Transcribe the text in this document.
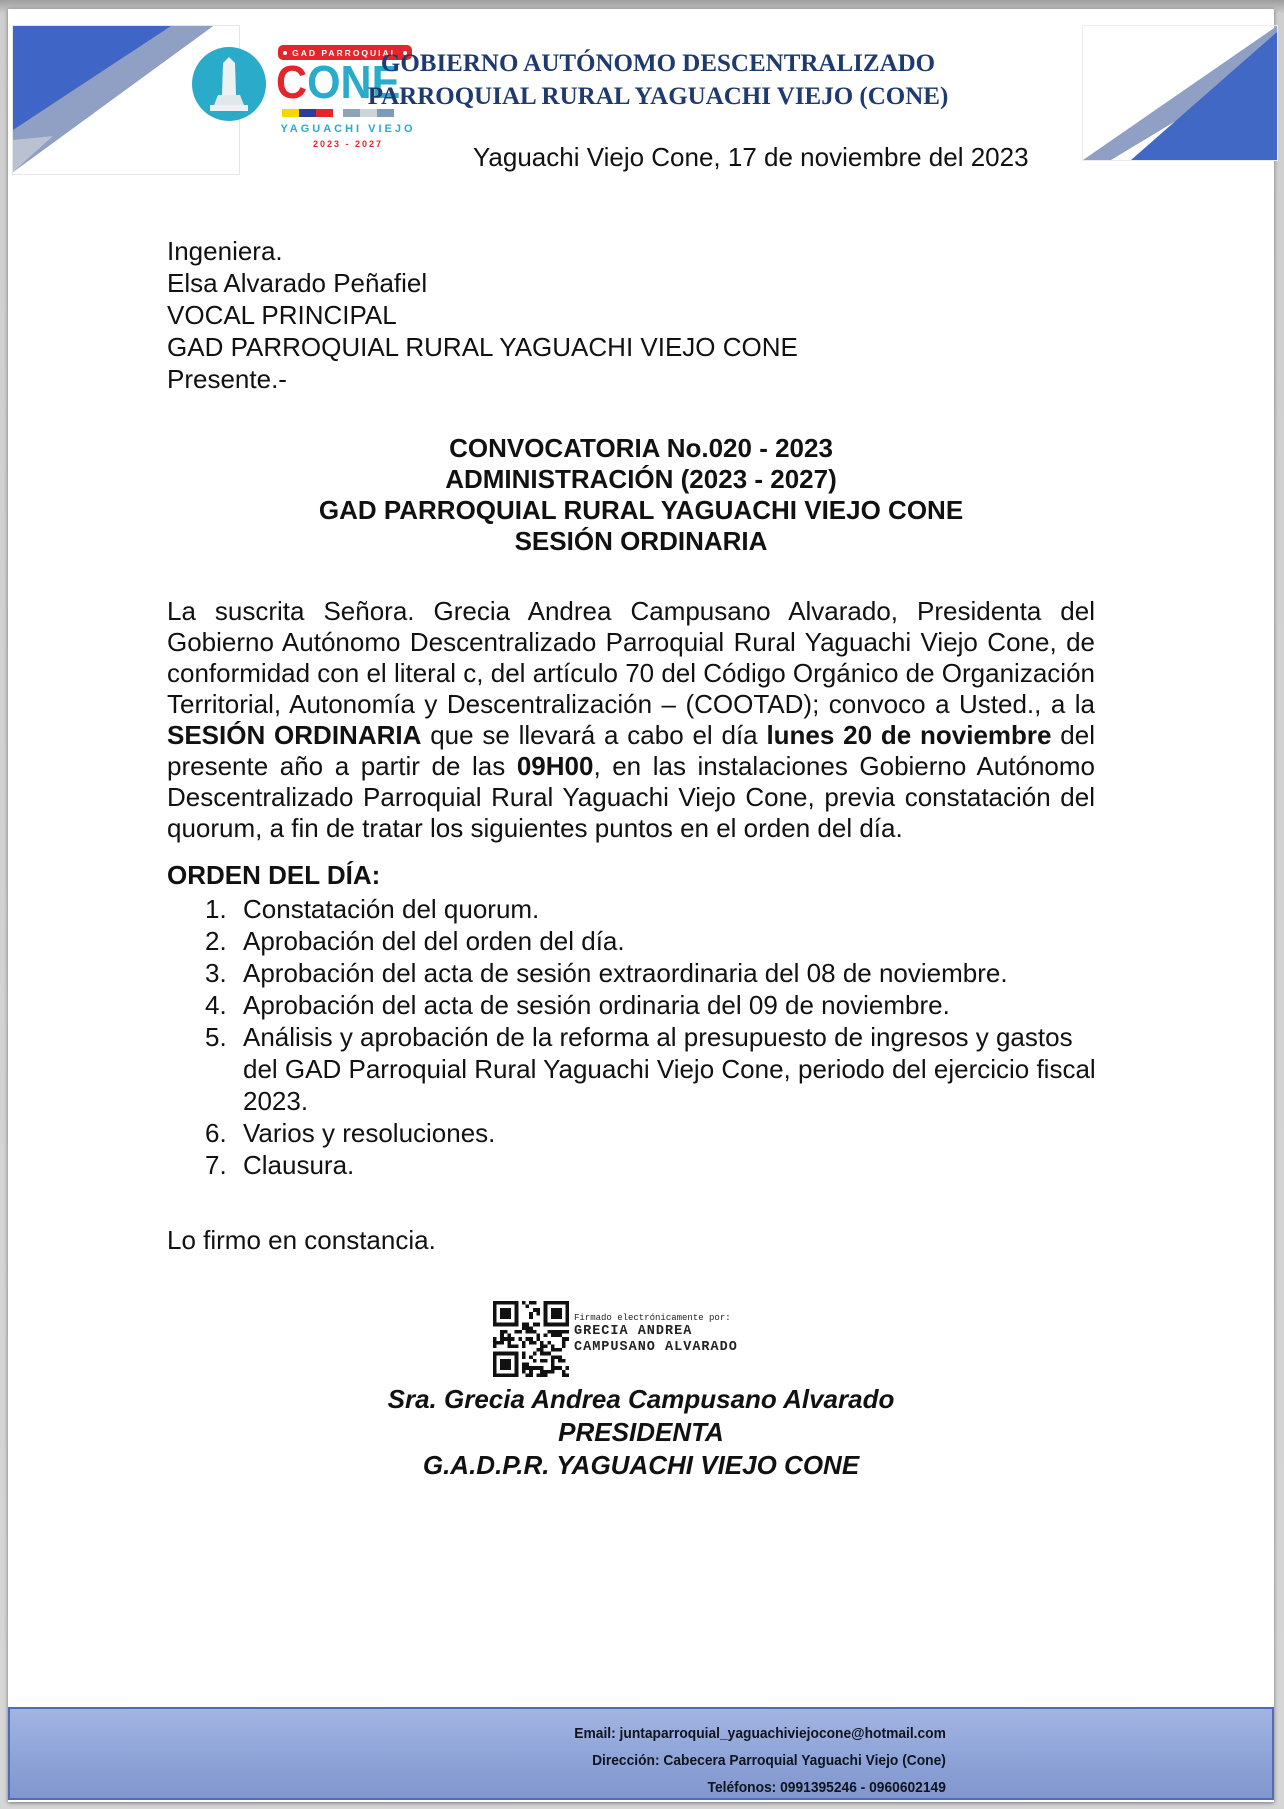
GAD PARROQUIAL
CONE
YAGUACHI VIEJO
2023 - 2027
GOBIERNO AUTÓNOMO DESCENTRALIZADO
PARROQUIAL RURAL YAGUACHI VIEJO (CONE)
Yaguachi Viejo Cone, 17 de noviembre del 2023
Ingeniera.
Elsa Alvarado Peñafiel
VOCAL PRINCIPAL
GAD PARROQUIAL RURAL YAGUACHI VIEJO CONE
Presente.-
CONVOCATORIA No.020 - 2023
ADMINISTRACIÓN (2023 - 2027)
GAD PARROQUIAL RURAL YAGUACHI VIEJO CONE
SESIÓN ORDINARIA
La suscrita Señora. Grecia Andrea Campusano Alvarado, Presidenta del Gobierno Autónomo Descentralizado Parroquial Rural Yaguachi Viejo Cone, de conformidad con el literal c, del artículo 70 del Código Orgánico de Organización Territorial, Autonomía y Descentralización – (COOTAD); convoco a Usted., a la SESIÓN ORDINARIA que se llevará a cabo el día lunes 20 de noviembre del presente año a partir de las 09H00, en las instalaciones Gobierno Autónomo Descentralizado Parroquial Rural Yaguachi Viejo Cone, previa constatación del quorum, a fin de tratar los siguientes puntos en el orden del día.
ORDEN DEL DÍA:
1. Constatación del quorum.
2. Aprobación del del orden del día.
3. Aprobación del acta de sesión extraordinaria del 08 de noviembre.
4. Aprobación del acta de sesión ordinaria del 09 de noviembre.
5. Análisis y aprobación de la reforma al presupuesto de ingresos y gastos del GAD Parroquial Rural Yaguachi Viejo Cone, periodo del ejercicio fiscal 2023.
6. Varios y resoluciones.
7. Clausura.
Lo firmo en constancia.
Firmado electrónicamente por:
GRECIA ANDREA
CAMPUSANO ALVARADO
Sra. Grecia Andrea Campusano Alvarado
PRESIDENTA
G.A.D.P.R. YAGUACHI VIEJO CONE
Email: juntaparroquial_yaguachiviejocone@hotmail.com
Dirección: Cabecera Parroquial Yaguachi Viejo (Cone)
Teléfonos: 0991395246 - 0960602149
